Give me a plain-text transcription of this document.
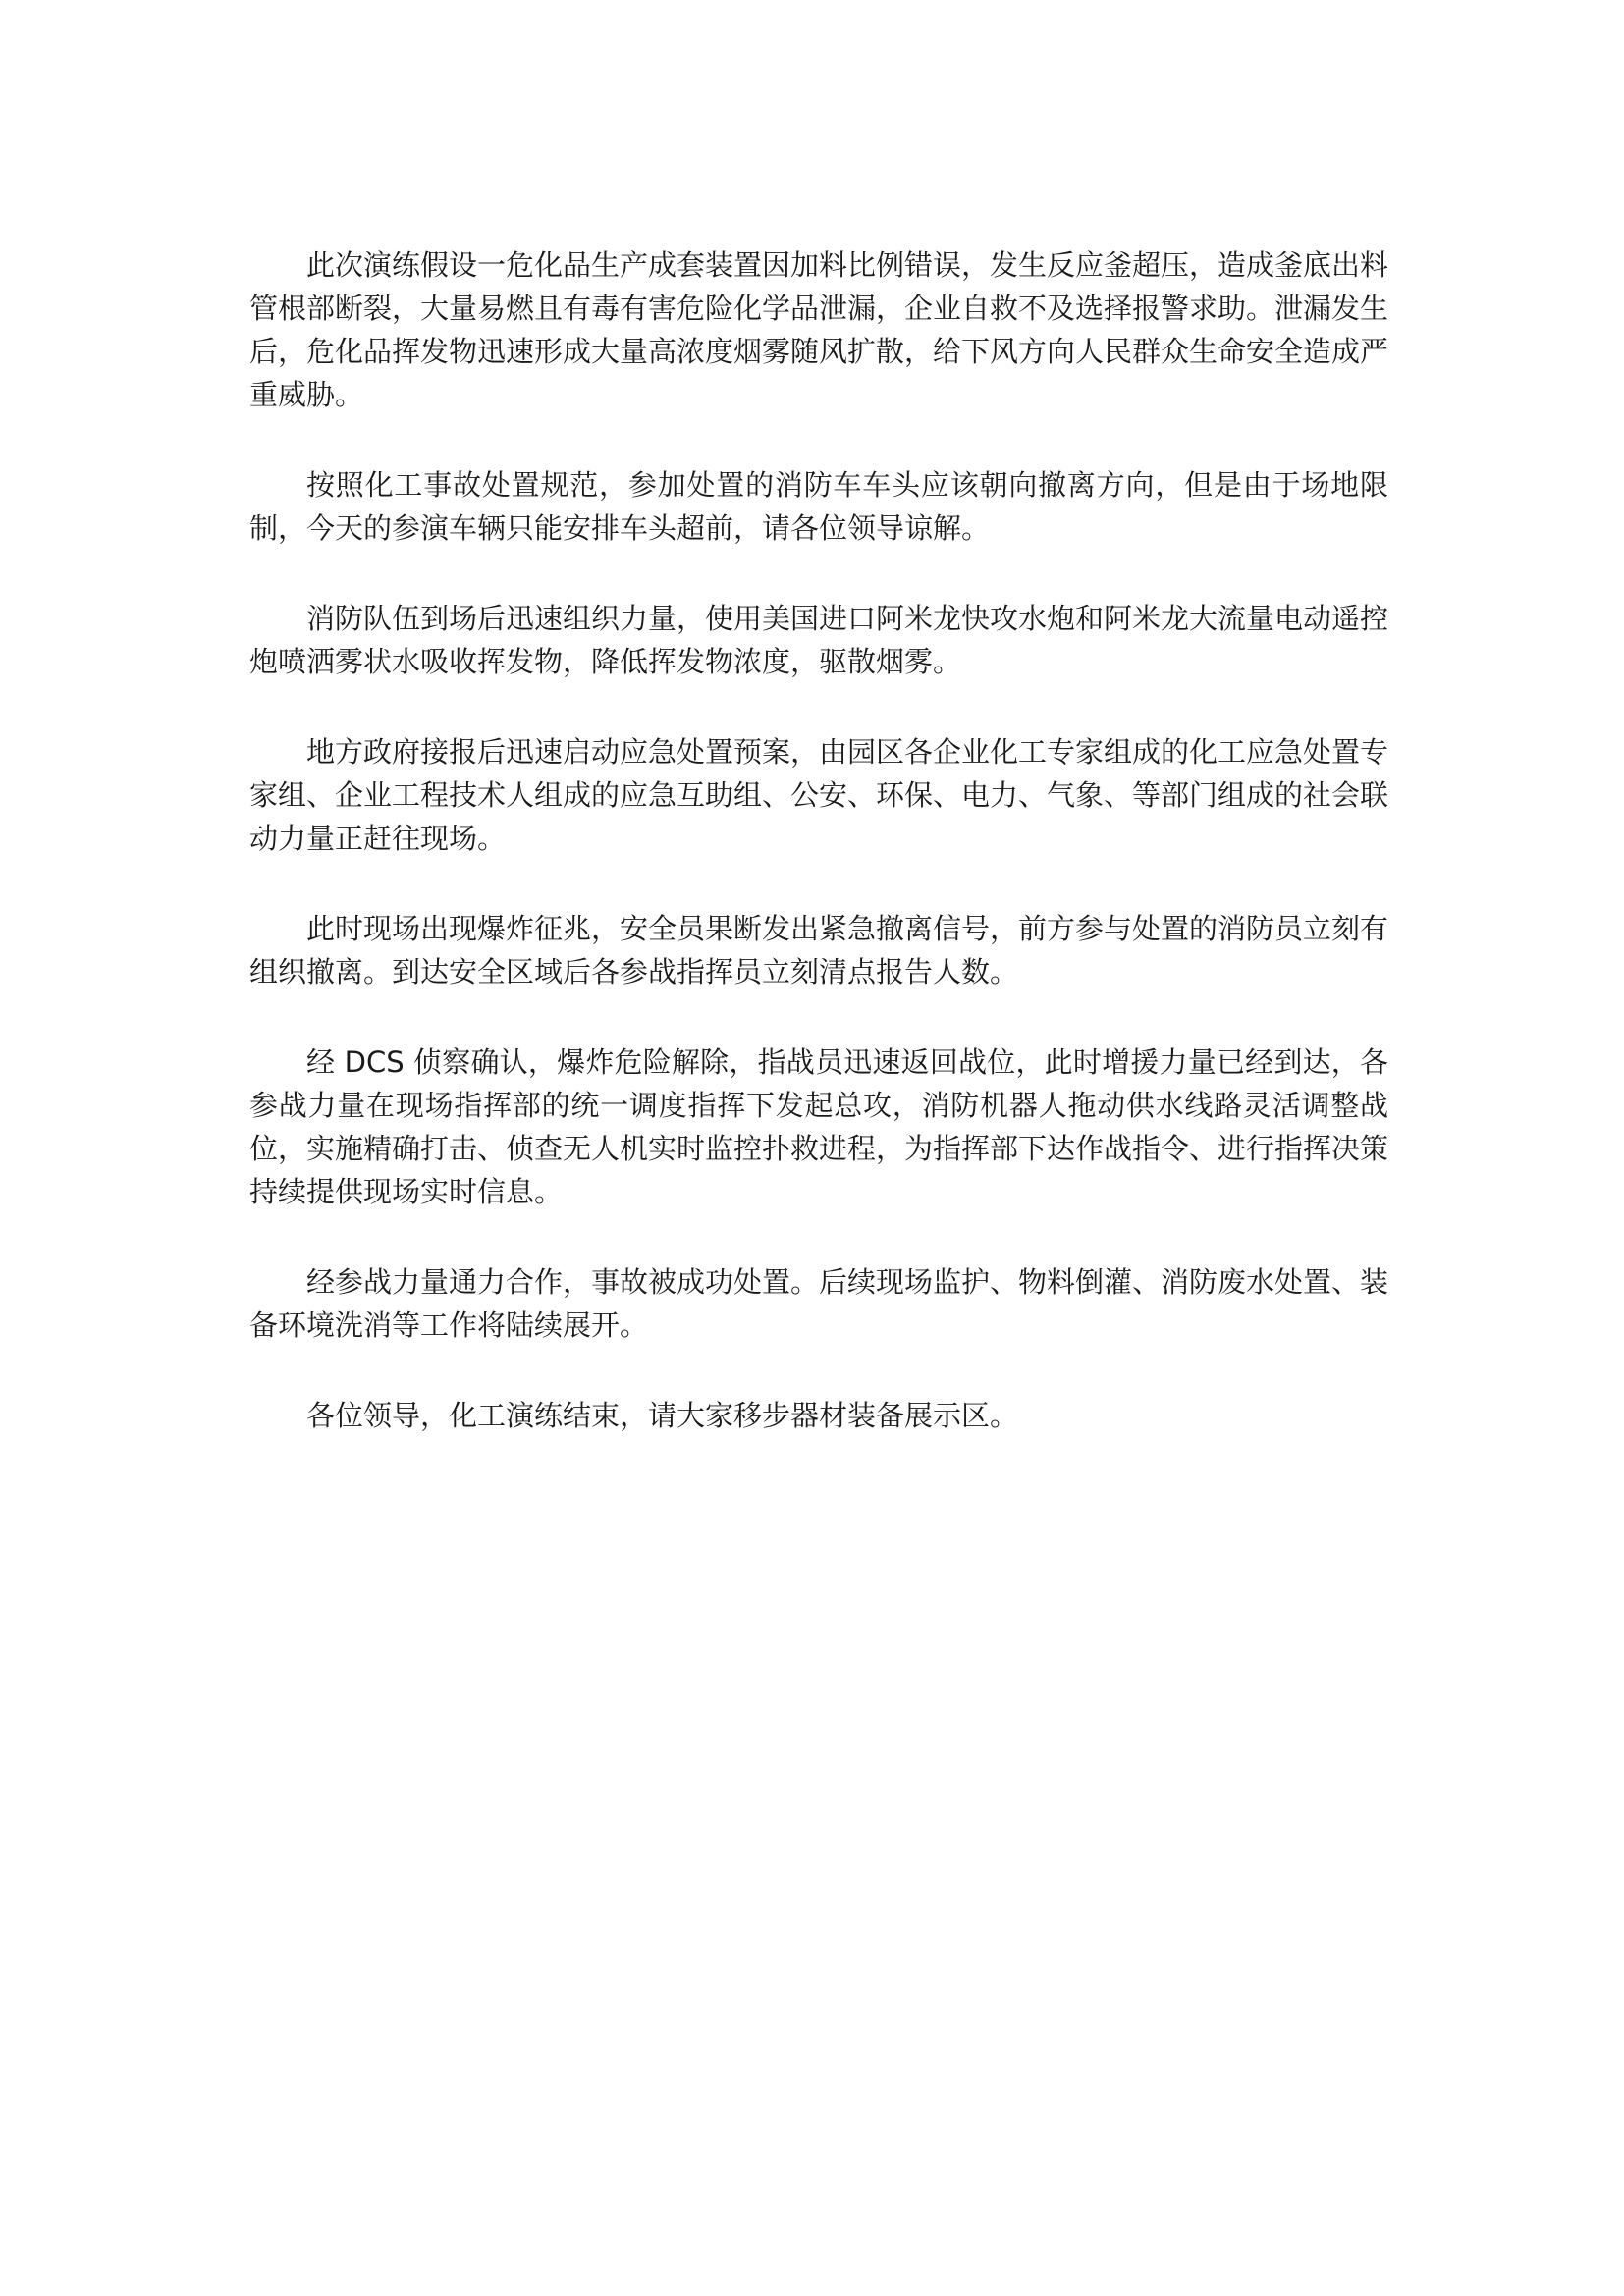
此次演练假设一危化品生产成套装置因加料比例错误，发生反应釜超压，造成釜底出料管根部断裂，大量易燃且有毒有害危险化学品泄漏，企业自救不及选择报警求助。泄漏发生后，危化品挥发物迅速形成大量高浓度烟雾随风扩散，给下风方向人民群众生命安全造成严重威胁。

按照化工事故处置规范，参加处置的消防车车头应该朝向撤离方向，但是由于场地限制，今天的参演车辆只能安排车头超前，请各位领导谅解。

消防队伍到场后迅速组织力量，使用美国进口阿米龙快攻水炮和阿米龙大流量电动遥控炮喷洒雾状水吸收挥发物，降低挥发物浓度，驱散烟雾。

地方政府接报后迅速启动应急处置预案，由园区各企业化工专家组成的化工应急处置专家组、企业工程技术人组成的应急互助组、公安、环保、电力、气象、等部门组成的社会联动力量正赶往现场。

此时现场出现爆炸征兆，安全员果断发出紧急撤离信号，前方参与处置的消防员立刻有组织撤离。到达安全区域后各参战指挥员立刻清点报告人数。

经 DCS 侦察确认，爆炸危险解除，指战员迅速返回战位，此时增援力量已经到达，各参战力量在现场指挥部的统一调度指挥下发起总攻，消防机器人拖动供水线路灵活调整战位，实施精确打击、侦查无人机实时监控扑救进程，为指挥部下达作战指令、进行指挥决策持续提供现场实时信息。

经参战力量通力合作，事故被成功处置。后续现场监护、物料倒灌、消防废水处置、装备环境洗消等工作将陆续展开。

各位领导，化工演练结束，请大家移步器材装备展示区。
